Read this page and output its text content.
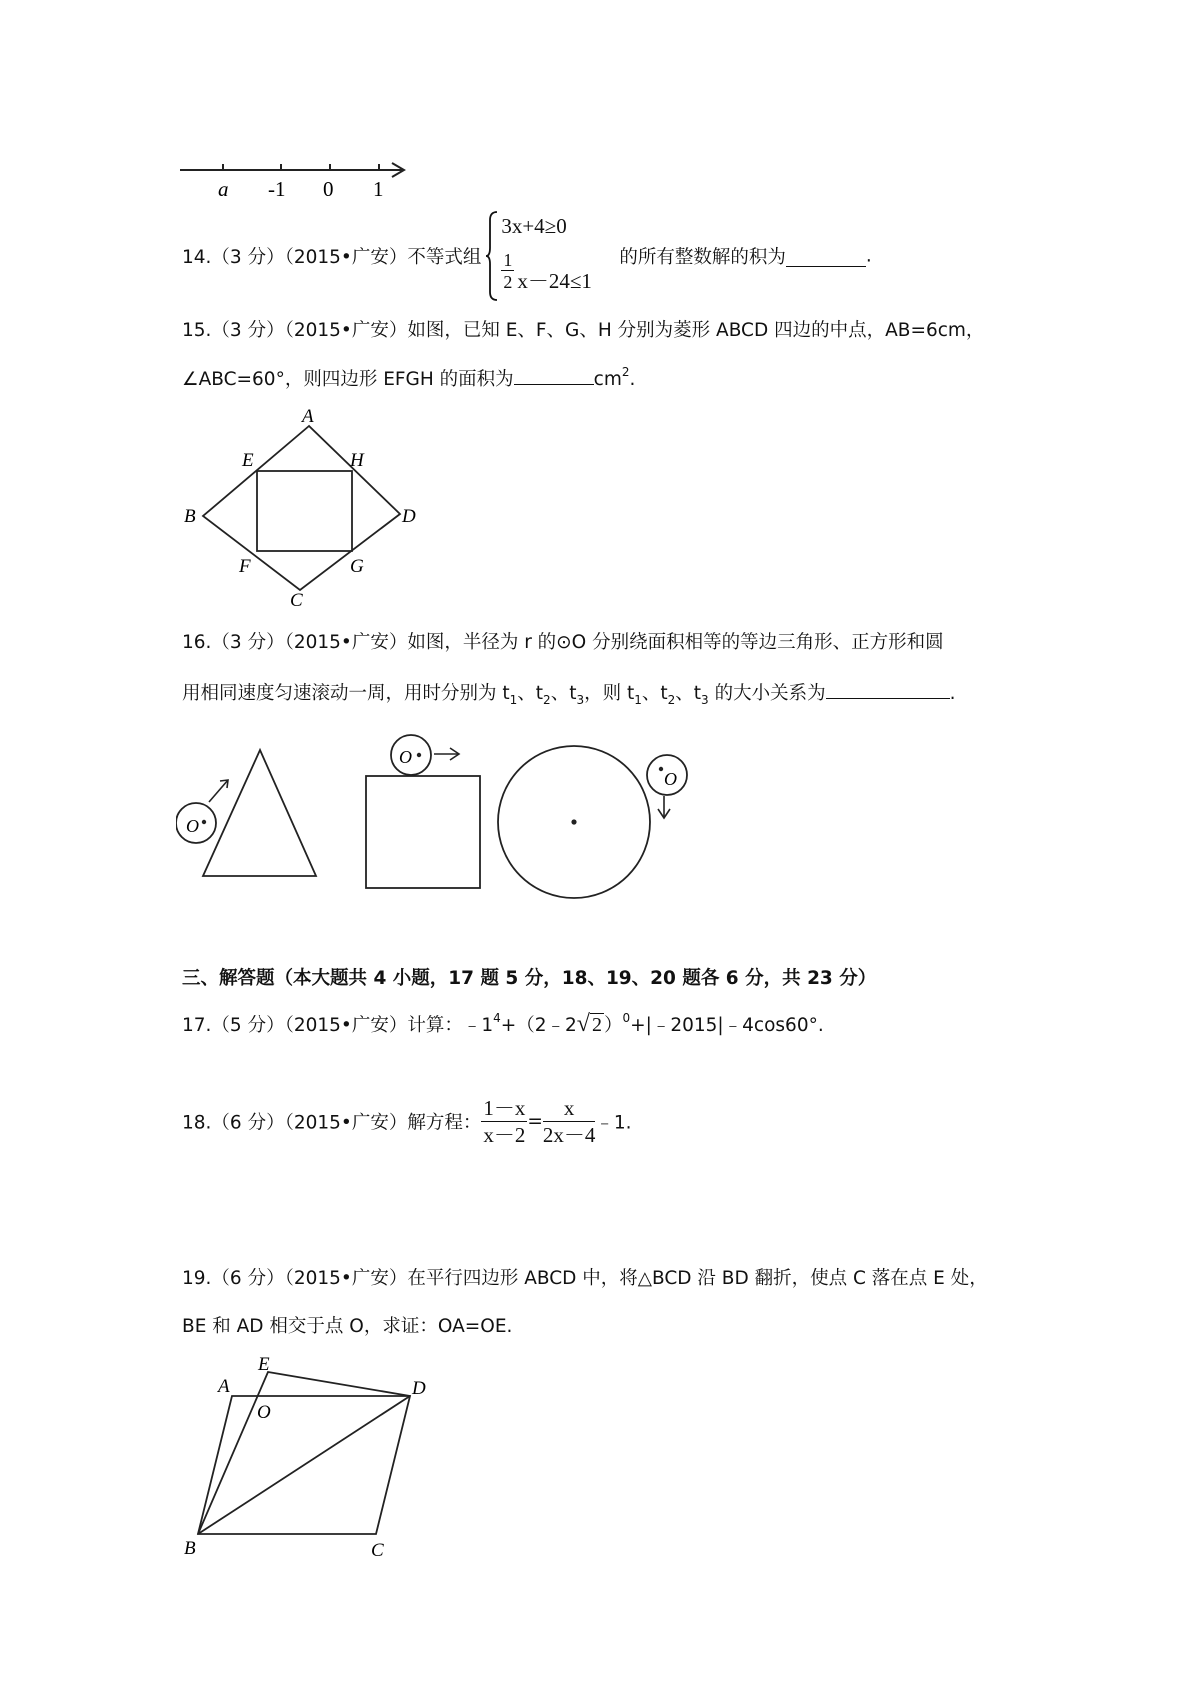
a -1 0 1
14.（3 分）（2015•广安）不等式组
3x+4≥0
$\frac{1}{2} x-24\le 1$
的所有整数解的积为	.
15.（3 分）（2015•广安）如图，已知 E、F、G、H 分别为菱形 ABCD 四边的中点，AB=6cm，
∠ABC=60°，则四边形 EFGH 的面积为	$cm^2$.
A
B
C
D
E
F	G
H
16.（3 分）（2015•广安）如图，半径为 r 的⊙O 分别绕面积相等的等边三角形、正方形和圆
用相同速度匀速滚动一周，用时分别为 $t_1$、$t_2$、$t_3$，则 $t_1$、$t_2$、$t_3$ 的大小关系为	.
O
O
O
三、解答题（本大题共 4 小题，17 题 5 分，18、19、20 题各 6 分，共 23 分）
17.（5 分）（2015•广安）计算：$﹣1^4+(2﹣2√$ 2 ）$^0$+|﹣2015|﹣4cos60°.
18.（6 分）（2015•广安）解方程： $\frac{1-x}{x-2} = \frac{x}{2x-4}$ ﹣1.
19.（6 分）（2015•广安）在平行四边形 ABCD 中，将△BCD 沿 BD 翻折，使点 C 落在点 E 处，
BE 和 AD 相交于点 O，求证：OA=OE.
E
A
O
D
B	C
